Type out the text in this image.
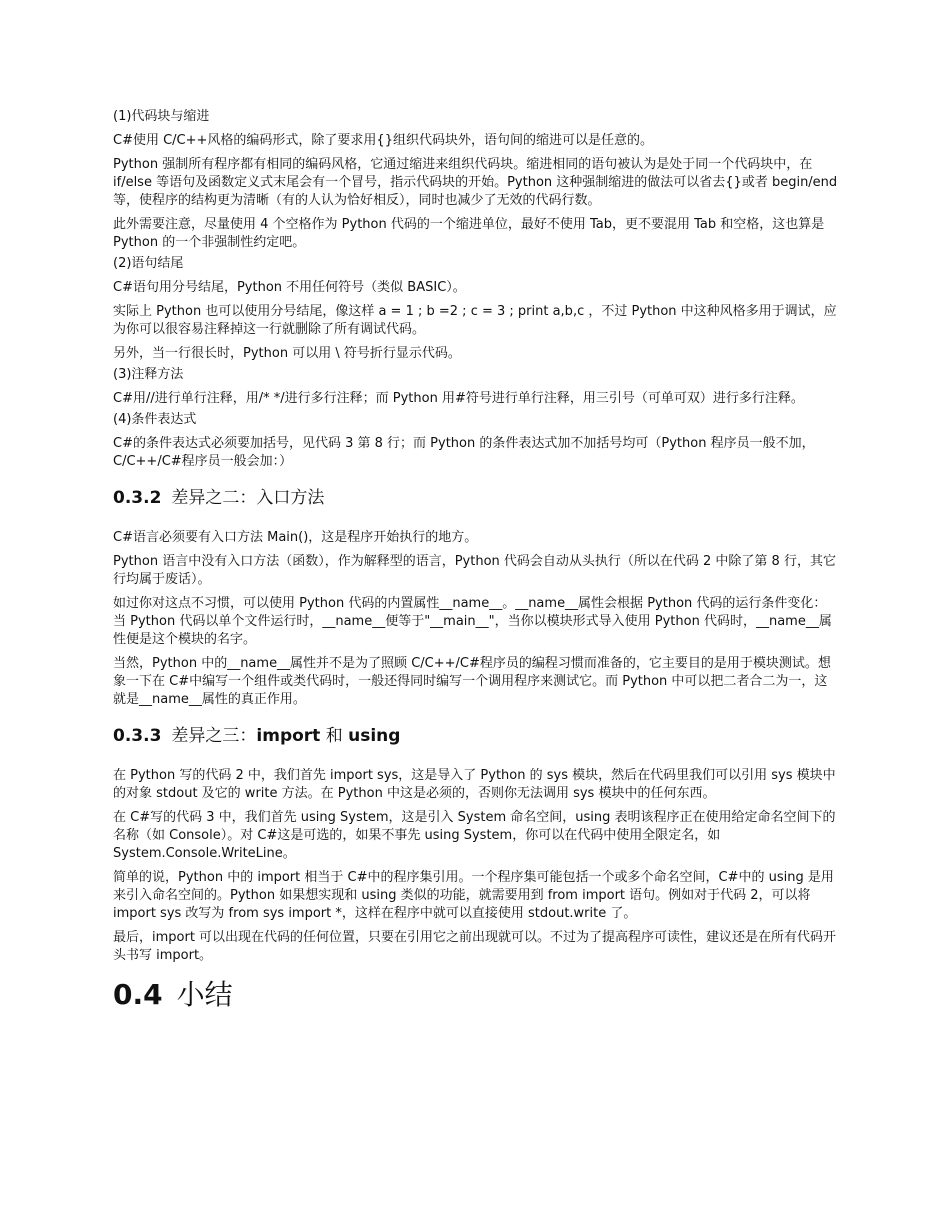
(1)代码块与缩进

C#使用 C/C++风格的编码形式，除了要求用{}组织代码块外，语句间的缩进可以是任意的。

Python 强制所有程序都有相同的编码风格，它通过缩进来组织代码块。缩进相同的语句被认为是处于同一个代码块中，在 if/else 等语句及函数定义式末尾会有一个冒号，指示代码块的开始。Python 这种强制缩进的做法可以省去{}或者 begin/end 等，使程序的结构更为清晰（有的人认为恰好相反），同时也减少了无效的代码行数。

此外需要注意，尽量使用 4 个空格作为 Python 代码的一个缩进单位，最好不使用 Tab，更不要混用 Tab 和空格，这也算是 Python 的一个非强制性约定吧。

(2)语句结尾

C#语句用分号结尾，Python 不用任何符号（类似 BASIC）。

实际上 Python 也可以使用分号结尾，像这样 a = 1 ; b =2 ; c = 3 ; print a,b,c ，不过 Python 中这种风格多用于调试，应为你可以很容易注释掉这一行就删除了所有调试代码。

另外，当一行很长时，Python 可以用 \ 符号折行显示代码。

(3)注释方法

C#用//进行单行注释，用/* */进行多行注释；而 Python 用#符号进行单行注释，用三引号（可单可双）进行多行注释。

(4)条件表达式

C#的条件表达式必须要加括号，见代码 3 第 8 行；而 Python 的条件表达式加不加括号均可（Python 程序员一般不加，C/C++/C#程序员一般会加：）

0.3.2 差异之二：入口方法

C#语言必须要有入口方法 Main()，这是程序开始执行的地方。

Python 语言中没有入口方法（函数），作为解释型的语言，Python 代码会自动从头执行（所以在代码 2 中除了第 8 行，其它行均属于废话）。

如过你对这点不习惯，可以使用 Python 代码的内置属性__name__。__name__属性会根据 Python 代码的运行条件变化：当 Python 代码以单个文件运行时，__name__便等于"__main__"，当你以模块形式导入使用 Python 代码时，__name__属性便是这个模块的名字。

当然，Python 中的__name__属性并不是为了照顾 C/C++/C#程序员的编程习惯而准备的，它主要目的是用于模块测试。想象一下在 C#中编写一个组件或类代码时，一般还得同时编写一个调用程序来测试它。而 Python 中可以把二者合二为一，这就是__name__属性的真正作用。

0.3.3 差异之三：import 和 using

在 Python 写的代码 2 中，我们首先 import sys，这是导入了 Python 的 sys 模块，然后在代码里我们可以引用 sys 模块中的对象 stdout 及它的 write 方法。在 Python 中这是必须的，否则你无法调用 sys 模块中的任何东西。

在 C#写的代码 3 中，我们首先 using System，这是引入 System 命名空间，using 表明该程序正在使用给定命名空间下的名称（如 Console）。对 C#这是可选的，如果不事先 using System，你可以在代码中使用全限定名，如 System.Console.WriteLine。

简单的说，Python 中的 import 相当于 C#中的程序集引用。一个程序集可能包括一个或多个命名空间，C#中的 using 是用来引入命名空间的。Python 如果想实现和 using 类似的功能，就需要用到 from import 语句。例如对于代码 2，可以将 import sys 改写为 from sys import *，这样在程序中就可以直接使用 stdout.write 了。

最后，import 可以出现在代码的任何位置，只要在引用它之前出现就可以。不过为了提高程序可读性，建议还是在所有代码开头书写 import。

0.4 小结
